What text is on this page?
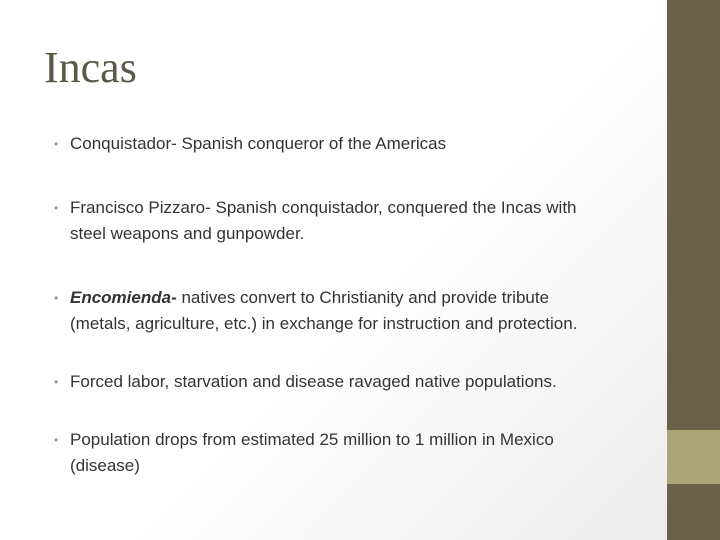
Incas

• Conquistador- Spanish conqueror of the Americas

• Francisco Pizzaro- Spanish conquistador, conquered the Incas with steel weapons and gunpowder.

• Encomienda- natives convert to Christianity and provide tribute (metals, agriculture, etc.) in exchange for instruction and protection.

• Forced labor, starvation and disease ravaged native populations.

• Population drops from estimated 25 million to 1 million in Mexico (disease)
